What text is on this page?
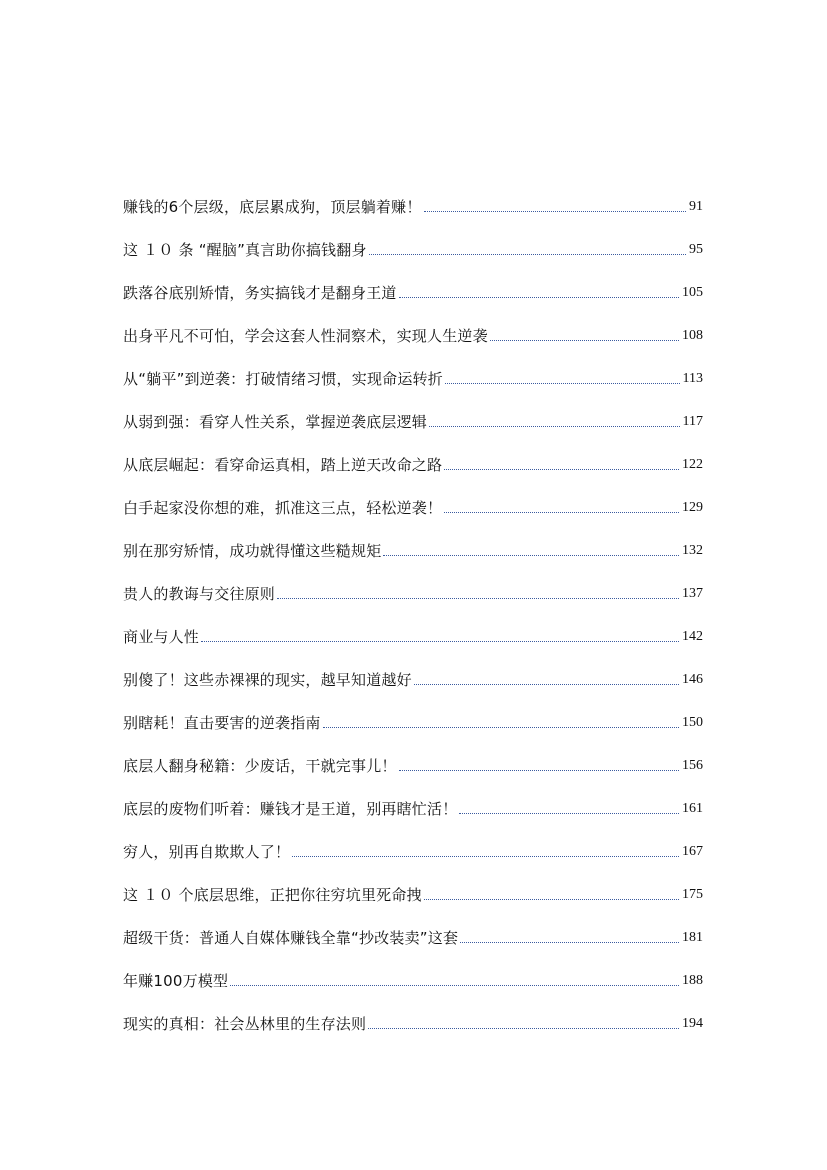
赚钱的6个层级，底层累成狗，顶层躺着赚！	91
这 １０ 条 “醒脑”真言助你搞钱翻身	95
跌落谷底别矫情，务实搞钱才是翻身王道	105
出身平凡不可怕，学会这套人性洞察术，实现人生逆袭	108
从“躺平”到逆袭：打破情绪习惯，实现命运转折	113
从弱到强：看穿人性关系，掌握逆袭底层逻辑	117
从底层崛起：看穿命运真相，踏上逆天改命之路	122
白手起家没你想的难，抓准这三点，轻松逆袭！	129
别在那穷矫情，成功就得懂这些糙规矩	132
贵人的教诲与交往原则	137
商业与人性	142
别傻了！这些赤裸裸的现实，越早知道越好	146
别瞎耗！直击要害的逆袭指南	150
底层人翻身秘籍：少废话，干就完事儿！	156
底层的废物们听着：赚钱才是王道，别再瞎忙活！	161
穷人，别再自欺欺人了！	167
这 １０ 个底层思维，正把你往穷坑里死命拽	175
超级干货：普通人自媒体赚钱全靠“抄改装卖”这套	181
年赚100万模型	188
现实的真相：社会丛林里的生存法则	194
